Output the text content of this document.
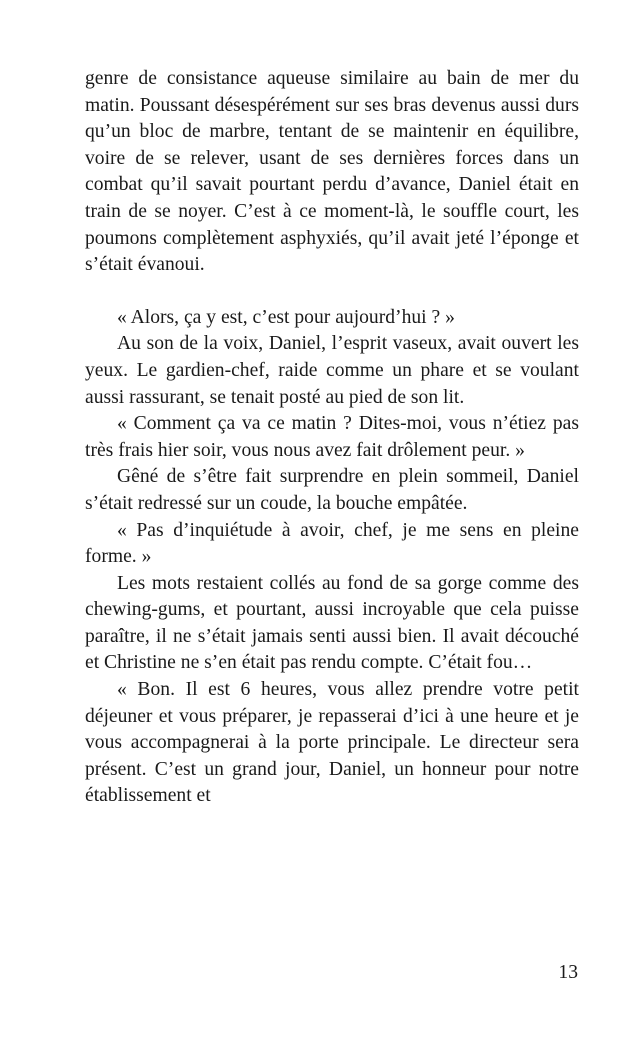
genre de consistance aqueuse similaire au bain de mer du matin. Poussant désespérément sur ses bras devenus aussi durs qu’un bloc de marbre, tentant de se maintenir en équilibre, voire de se relever, usant de ses dernières forces dans un combat qu’il savait pourtant perdu d’avance, Daniel était en train de se noyer. C’est à ce moment-là, le souffle court, les poumons complètement asphyxiés, qu’il avait jeté l’éponge et s’était évanoui.

« Alors, ça y est, c’est pour aujourd’hui ? »

Au son de la voix, Daniel, l’esprit vaseux, avait ouvert les yeux. Le gardien-chef, raide comme un phare et se voulant aussi rassurant, se tenait posté au pied de son lit.

« Comment ça va ce matin ? Dites-moi, vous n’étiez pas très frais hier soir, vous nous avez fait drôlement peur. »

Gêné de s’être fait surprendre en plein sommeil, Daniel s’était redressé sur un coude, la bouche empâtée.

« Pas d’inquiétude à avoir, chef, je me sens en pleine forme. »

Les mots restaient collés au fond de sa gorge comme des chewing-gums, et pourtant, aussi incroyable que cela puisse paraître, il ne s’était jamais senti aussi bien. Il avait découché et Christine ne s’en était pas rendu compte. C’était fou…

« Bon. Il est 6 heures, vous allez prendre votre petit déjeuner et vous préparer, je repasserai d’ici à une heure et je vous accompagnerai à la porte principale. Le directeur sera présent. C’est un grand jour, Daniel, un honneur pour notre établissement et

13
